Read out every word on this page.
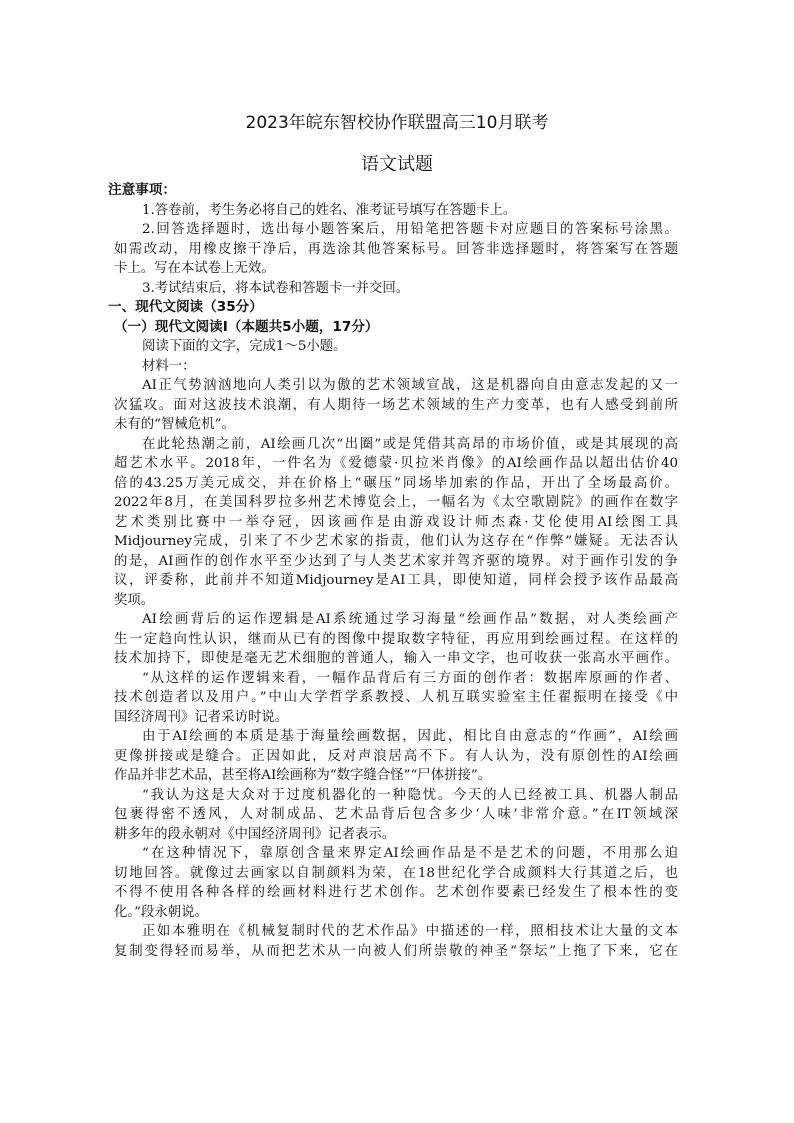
2023年皖东智校协作联盟高三10月联考
语文试题
注意事项：
1.答卷前，考生务必将自己的姓名、准考证号填写在答题卡上。
2.回答选择题时，选出每小题答案后，用铅笔把答题卡对应题目的答案标号涂黑。
如需改动，用橡皮擦干净后，再选涂其他答案标号。回答非选择题时，将答案写在答题
卡上。写在本试卷上无效。
3.考试结束后，将本试卷和答题卡一并交回。
一、现代文阅读（35分）
（一）现代文阅读Ⅰ（本题共5小题，17分）
阅读下面的文字，完成1～5小题。
材料一：
AI正气势汹汹地向人类引以为傲的艺术领域宣战，这是机器向自由意志发起的又一
次猛攻。面对这波技术浪潮，有人期待一场艺术领域的生产力变革，也有人感受到前所
未有的“智械危机”。
在此轮热潮之前，AI绘画几次“出圈”或是凭借其高昂的市场价值，或是其展现的高
超艺术水平。2018年，一件名为《爱德蒙·贝拉米肖像》的AI绘画作品以超出估价40
倍的43.25万美元成交，并在价格上“碾压”同场毕加索的作品，开出了全场最高价。
2022年8月，在美国科罗拉多州艺术博览会上，一幅名为《太空歌剧院》的画作在数字
艺术类别比赛中一举夺冠，因该画作是由游戏设计师杰森·艾伦使用AI绘图工具
Midjourney完成，引来了不少艺术家的指责，他们认为这存在“作弊”嫌疑。无法否认
的是，AI画作的创作水平至少达到了与人类艺术家并驾齐驱的境界。对于画作引发的争
议，评委称，此前并不知道Midjourney是AI工具，即使知道，同样会授予该作品最高
奖项。
AI绘画背后的运作逻辑是AI系统通过学习海量“绘画作品”数据，对人类绘画产
生一定趋向性认识，继而从已有的图像中提取数字特征，再应用到绘画过程。在这样的
技术加持下，即使是毫无艺术细胞的普通人，输入一串文字，也可收获一张高水平画作。
“从这样的运作逻辑来看，一幅作品背后有三方面的创作者：数据库原画的作者、
技术创造者以及用户。”中山大学哲学系教授、人机互联实验室主任翟振明在接受《中
国经济周刊》记者采访时说。
由于AI绘画的本质是基于海量绘画数据，因此，相比自由意志的“作画”，AI绘画
更像拼接或是缝合。正因如此，反对声浪居高不下。有人认为，没有原创性的AI绘画
作品并非艺术品，甚至将AI绘画称为“数字缝合怪”“尸体拼接”。
“我认为这是大众对于过度机器化的一种隐忧。今天的人已经被工具、机器人制品
包裹得密不透风，人对制成品、艺术品背后包含多少‘人味’非常介意。”在IT领域深
耕多年的段永朝对《中国经济周刊》记者表示。
“在这种情况下，靠原创含量来界定AI绘画作品是不是艺术的问题，不用那么迫
切地回答。就像过去画家以自制颜料为荣，在18世纪化学合成颜料大行其道之后，也
不得不使用各种各样的绘画材料进行艺术创作。艺术创作要素已经发生了根本性的变
化。”段永朝说。
正如本雅明在《机械复制时代的艺术作品》中描述的一样，照相技术让大量的文本
复制变得轻而易举，从而把艺术从一向被人们所崇敬的神圣“祭坛”上拖了下来，它在
